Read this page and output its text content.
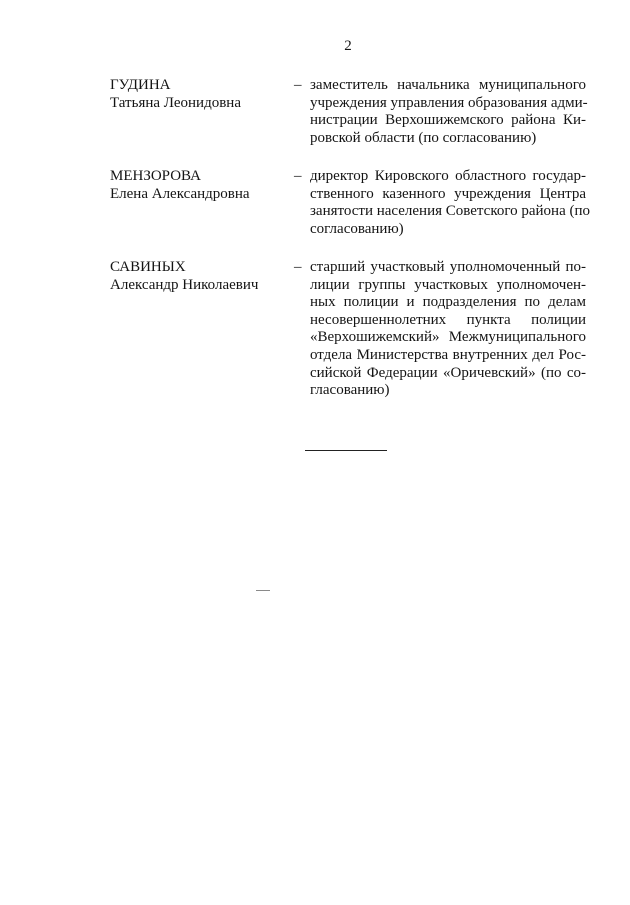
2
ГУДИНА
Татьяна Леонидовна
– заместитель начальника муниципального
учреждения управления образования адми-
нистрации Верхошижемского района Ки-
ровской области (по согласованию)
МЕНЗОРОВА
Елена Александровна
– директор Кировского областного государ-
ственного казенного учреждения Центра
занятости населения Советского района (по
согласованию)
САВИНЫХ
Александр Николаевич
– старший участковый уполномоченный по-
лиции группы участковых уполномочен-
ных полиции и подразделения по делам
несовершеннолетних пункта полиции
«Верхошижемский» Межмуниципального
отдела Министерства внутренних дел Рос-
сийской Федерации «Оричевский» (по со-
гласованию)
